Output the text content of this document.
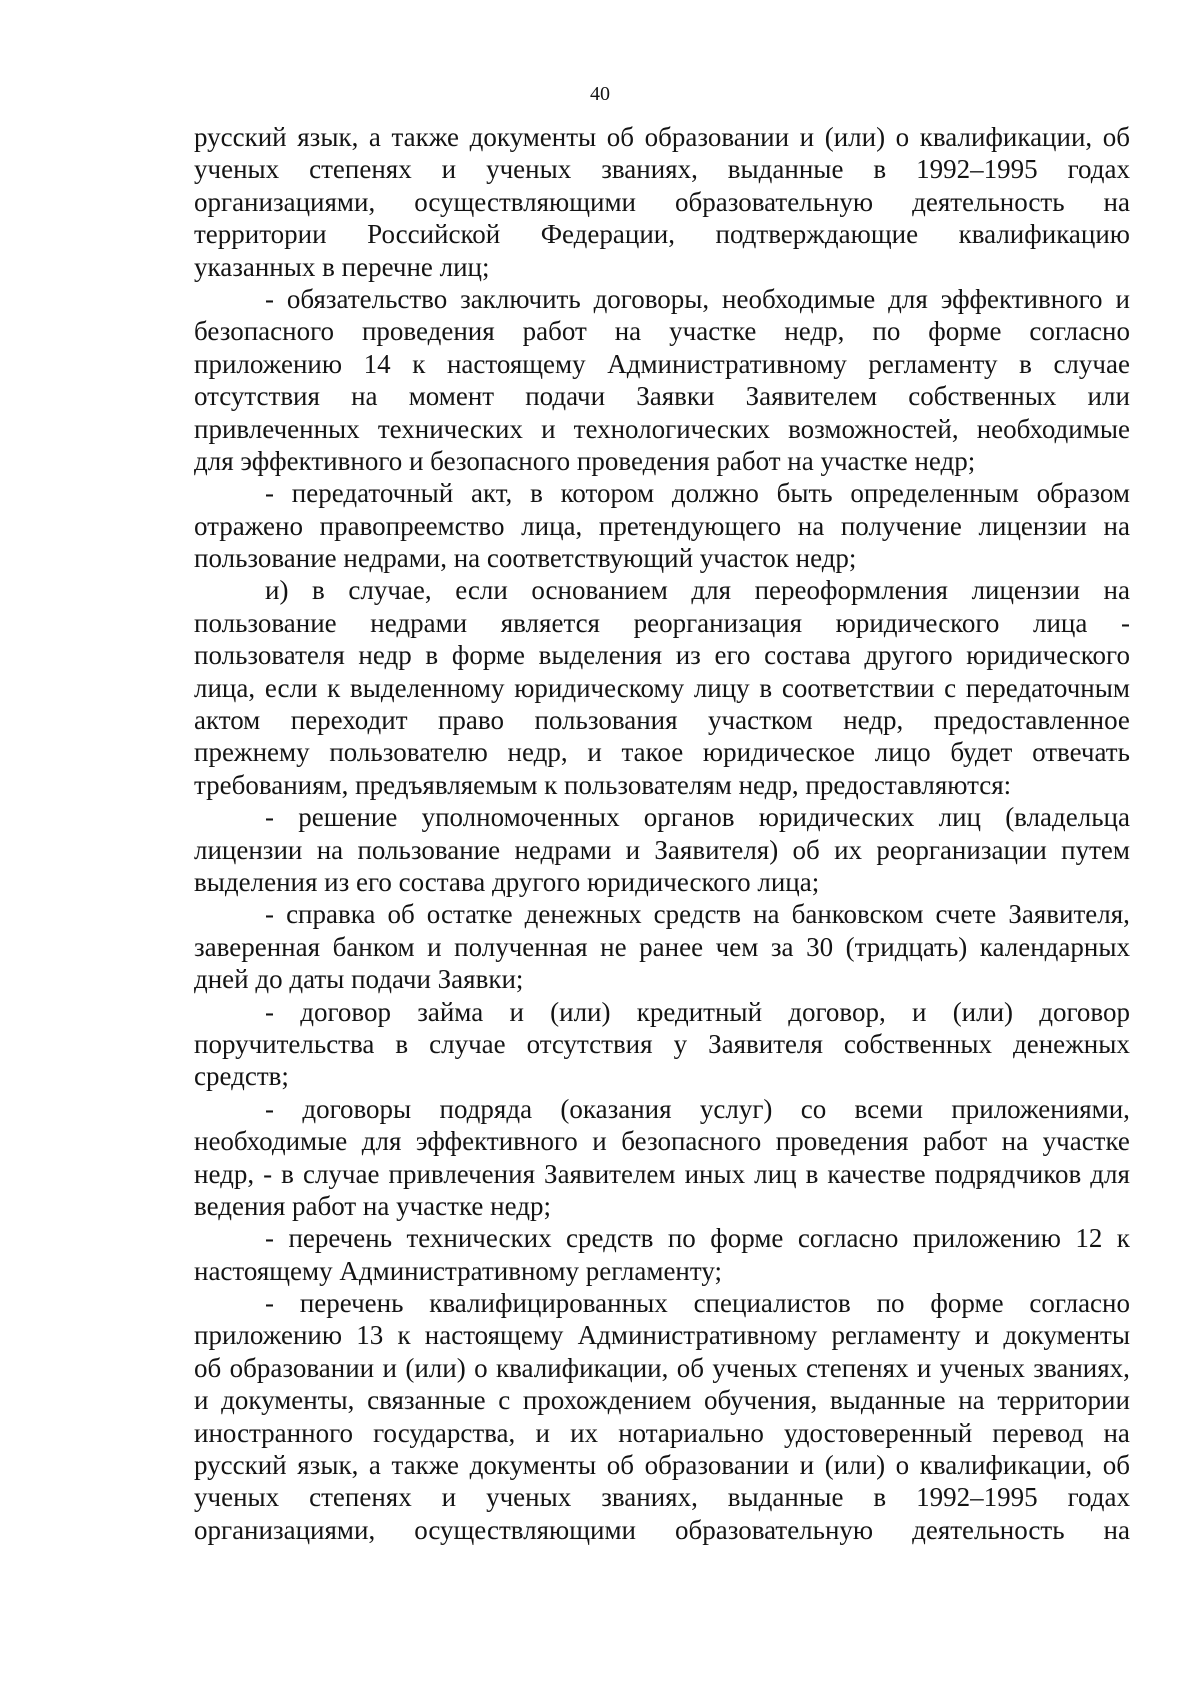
40
русский язык, а также документы об образовании и (или) о квалификации, об
ученых степенях и ученых званиях, выданные в 1992–1995 годах
организациями, осуществляющими образовательную деятельность на
территории Российской Федерации, подтверждающие квалификацию
указанных в перечне лиц;
- обязательство заключить договоры, необходимые для эффективного и
безопасного проведения работ на участке недр, по форме согласно
приложению 14 к настоящему Административному регламенту в случае
отсутствия на момент подачи Заявки Заявителем собственных или
привлеченных технических и технологических возможностей, необходимые
для эффективного и безопасного проведения работ на участке недр;
- передаточный акт, в котором должно быть определенным образом
отражено правопреемство лица, претендующего на получение лицензии на
пользование недрами, на соответствующий участок недр;
и) в случае, если основанием для переоформления лицензии на
пользование недрами является реорганизация юридического лица -
пользователя недр в форме выделения из его состава другого юридического
лица, если к выделенному юридическому лицу в соответствии с передаточным
актом переходит право пользования участком недр, предоставленное
прежнему пользователю недр, и такое юридическое лицо будет отвечать
требованиям, предъявляемым к пользователям недр, предоставляются:
- решение уполномоченных органов юридических лиц (владельца
лицензии на пользование недрами и Заявителя) об их реорганизации путем
выделения из его состава другого юридического лица;
- справка об остатке денежных средств на банковском счете Заявителя,
заверенная банком и полученная не ранее чем за 30 (тридцать) календарных
дней до даты подачи Заявки;
- договор займа и (или) кредитный договор, и (или) договор
поручительства в случае отсутствия у Заявителя собственных денежных
средств;
- договоры подряда (оказания услуг) со всеми приложениями,
необходимые для эффективного и безопасного проведения работ на участке
недр, - в случае привлечения Заявителем иных лиц в качестве подрядчиков для
ведения работ на участке недр;
- перечень технических средств по форме согласно приложению 12 к
настоящему Административному регламенту;
- перечень квалифицированных специалистов по форме согласно
приложению 13 к настоящему Административному регламенту и документы
об образовании и (или) о квалификации, об ученых степенях и ученых званиях,
и документы, связанные с прохождением обучения, выданные на территории
иностранного государства, и их нотариально удостоверенный перевод на
русский язык, а также документы об образовании и (или) о квалификации, об
ученых степенях и ученых званиях, выданные в 1992–1995 годах
организациями, осуществляющими образовательную деятельность на
